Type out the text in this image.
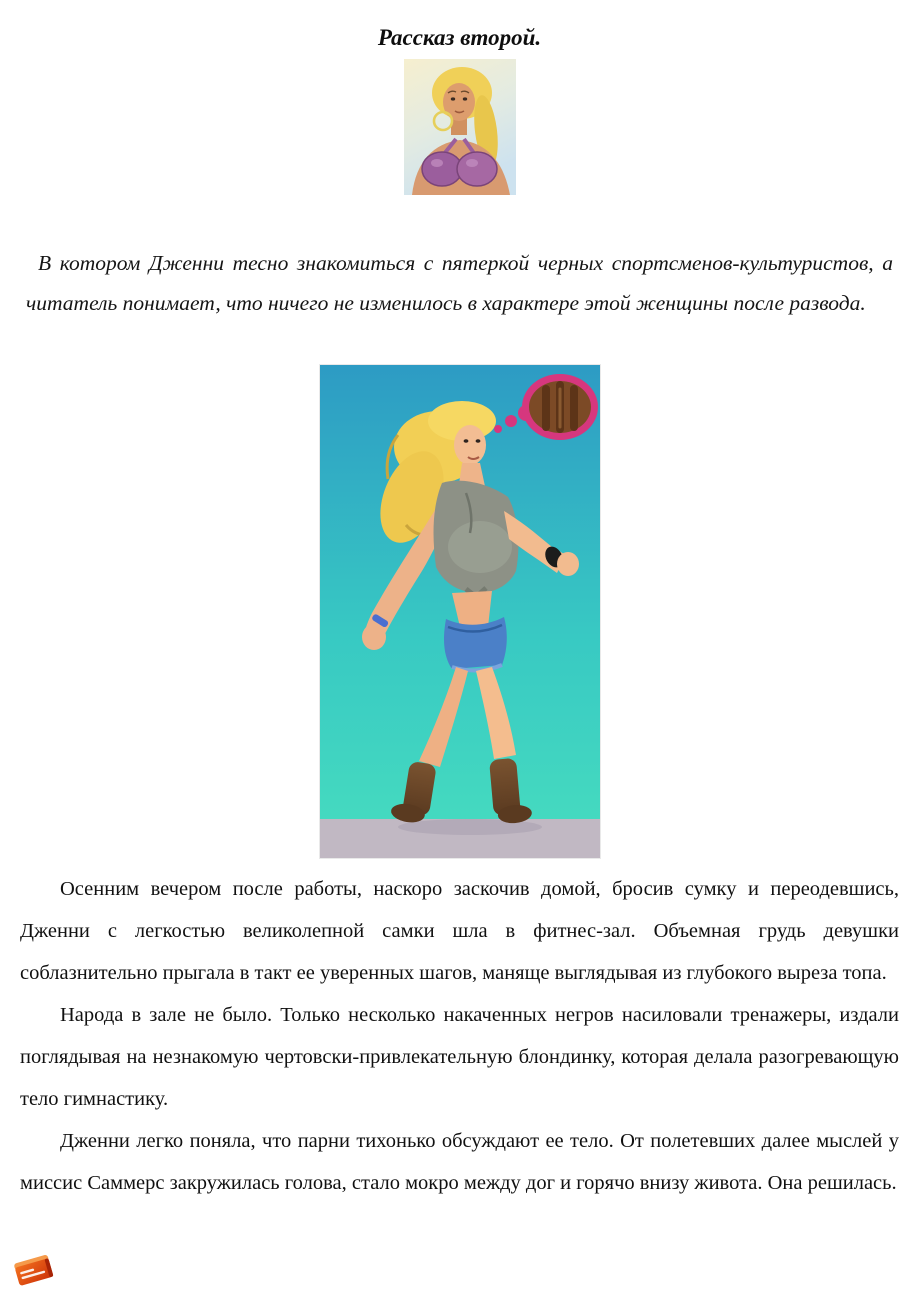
Рассказ второй.

В котором Дженни тесно знакомиться с пятеркой черных спортсменов-культуристов, а читатель понимает, что ничего не изменилось в характере этой женщины после развода.

Осенним вечером после работы, наскоро заскочив домой, бросив сумку и переодевшись, Дженни с легкостью великолепной самки шла в фитнес-зал. Объемная грудь девушки соблазнительно прыгала в такт ее уверенных шагов, маняще выглядывая из глубокого выреза топа.

Народа в зале не было. Только несколько накаченных негров насиловали тренажеры, издали поглядывая на незнакомую чертовски-привлекательную блондинку, которая делала разогревающую тело гимнастику.

Дженни легко поняла, что парни тихонько обсуждают ее тело. От полетевших далее мыслей у миссис Саммерс закружилась голова, стало мокро между дог и горячо внизу живота. Она решилась.
